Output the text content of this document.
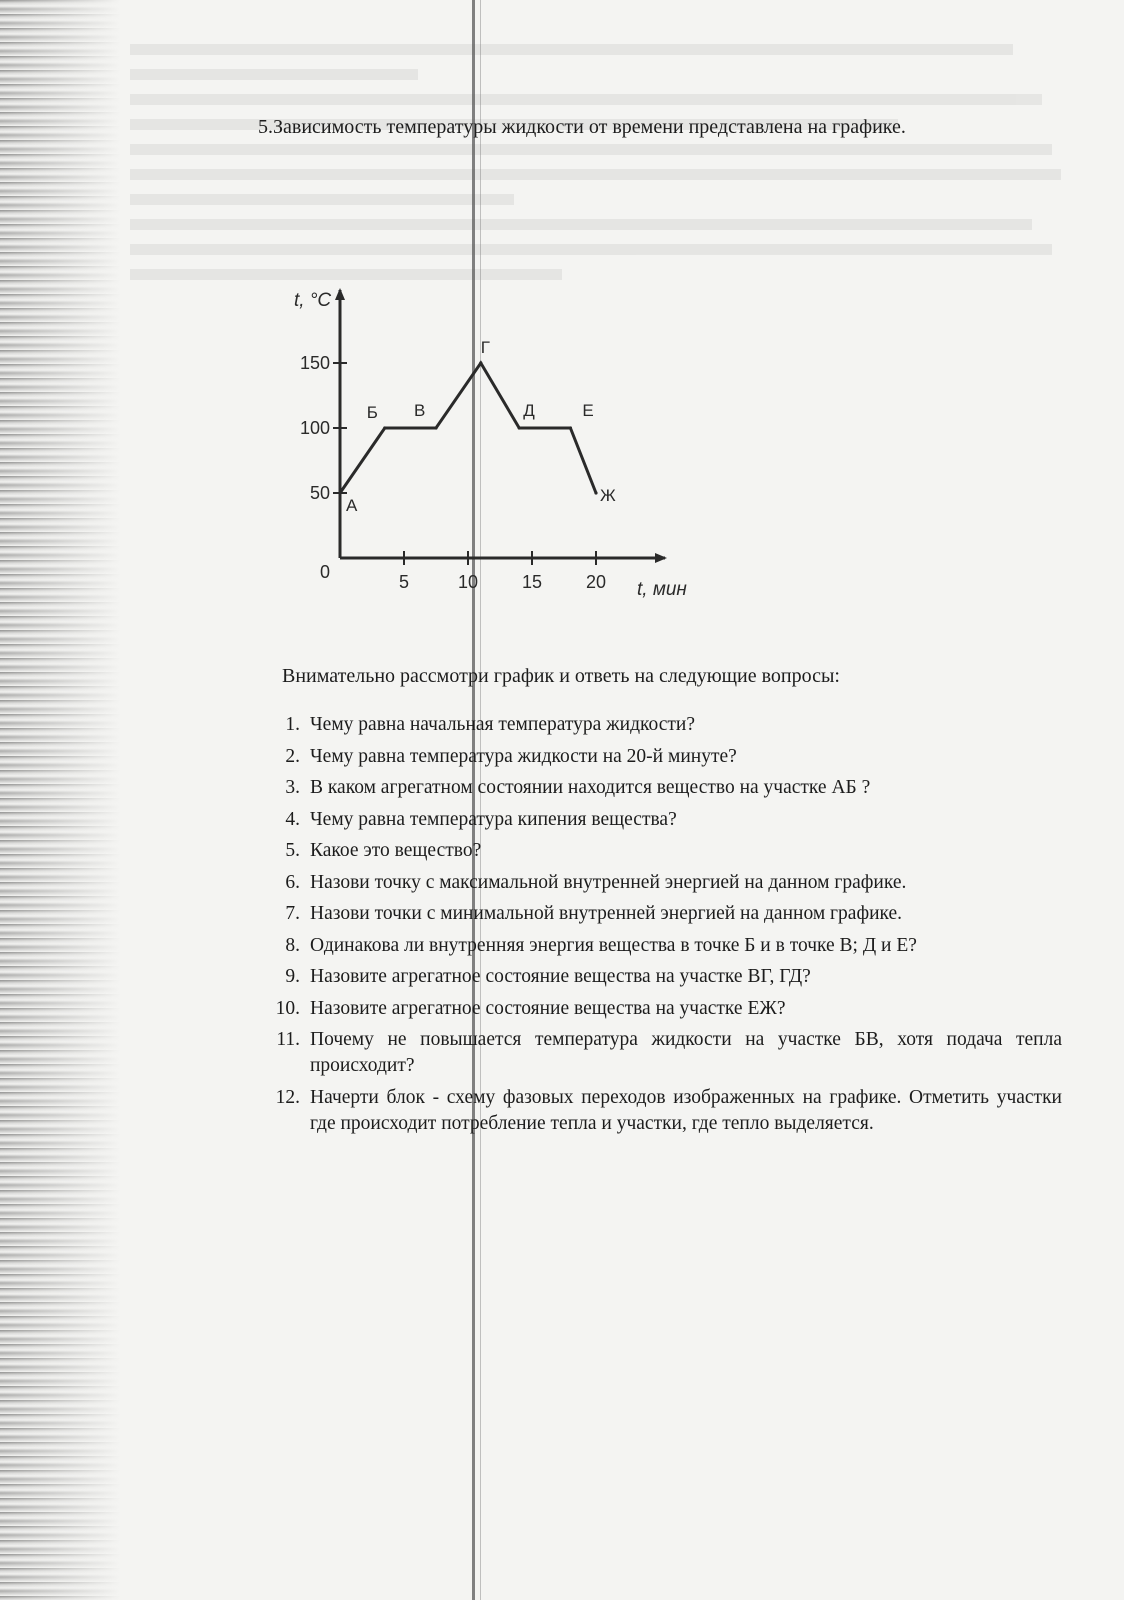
5.Зависимость температуры жидкости от времени представлена на графике.
5	10 15 20
50
100
150
А
Б В
Г
Д	Е
Ж
t, °C
t, мин
0
Внимательно рассмотри график и ответь на следующие вопросы:
1. Чему равна начальная температура жидкости?
2. Чему равна температура жидкости на 20-й минуте?
3. В каком агрегатном состоянии находится вещество на участке АБ ?
4. Чему равна температура кипения вещества?
5. Какое это вещество?
6. Назови точку с максимальной внутренней энергией на данном графике.
7. Назови точки с минимальной внутренней энергией на данном графике.
8. Одинакова ли внутренняя энергия вещества в точке Б и в точке В; Д и Е?
9. Назовите агрегатное состояние вещества на участке ВГ, ГД?
10. Назовите агрегатное состояние вещества на участке ЕЖ?
11. Почему не повышается температура жидкости на участке БВ, хотя подача тепла происходит?
12. Начерти блок - схему фазовых переходов изображенных на графике. Отметить участки где происходит потребление тепла и участки, где тепло выделяется.
